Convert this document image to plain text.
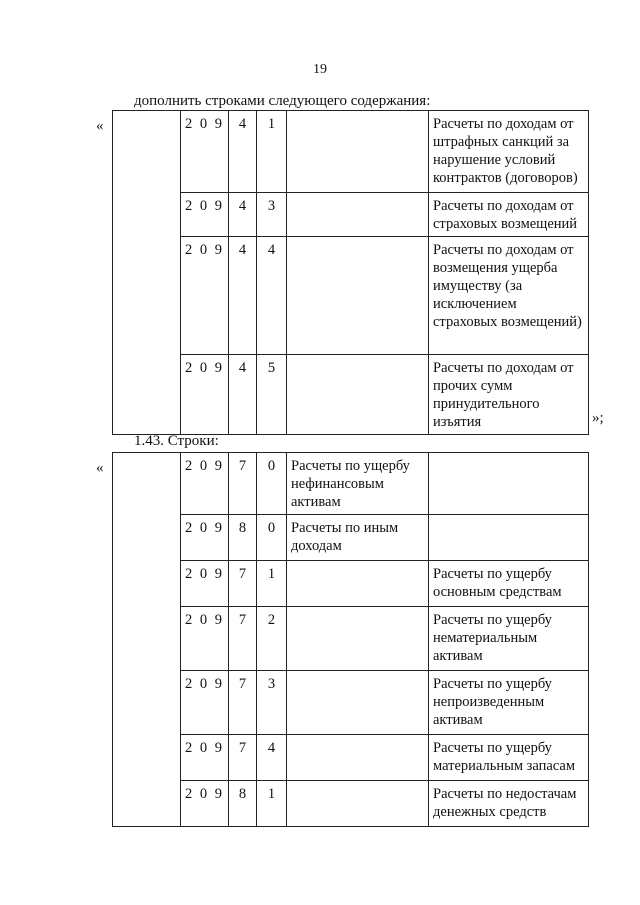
19
дополнить строками следующего содержания:
«
		2 0 9	4	1		Расчеты по доходам от штрафных санкций за нарушение условий контрактов (договоров)
	2 0 9	4	3		Расчеты по доходам от страховых возмещений
	2 0 9	4	4		Расчеты по доходам от возмещения ущерба имуществу (за исключением страховых возмещений)
	2 0 9	4	5		Расчеты по доходам от прочих сумм принудительного изъятия	»;
1.43. Строки:
«
		2 0 9	7	0	Расчеты по ущербу нефинансовым активам	
	2 0 9	8	0	Расчеты по иным доходам	
	2 0 9	7	1		Расчеты по ущербу основным средствам
	2 0 9	7	2		Расчеты по ущербу нематериальным активам
	2 0 9	7	3		Расчеты по ущербу непроизведенным активам
	2 0 9	7	4		Расчеты по ущербу материальным запасам
	2 0 9	8	1		Расчеты по недостачам денежных средств
